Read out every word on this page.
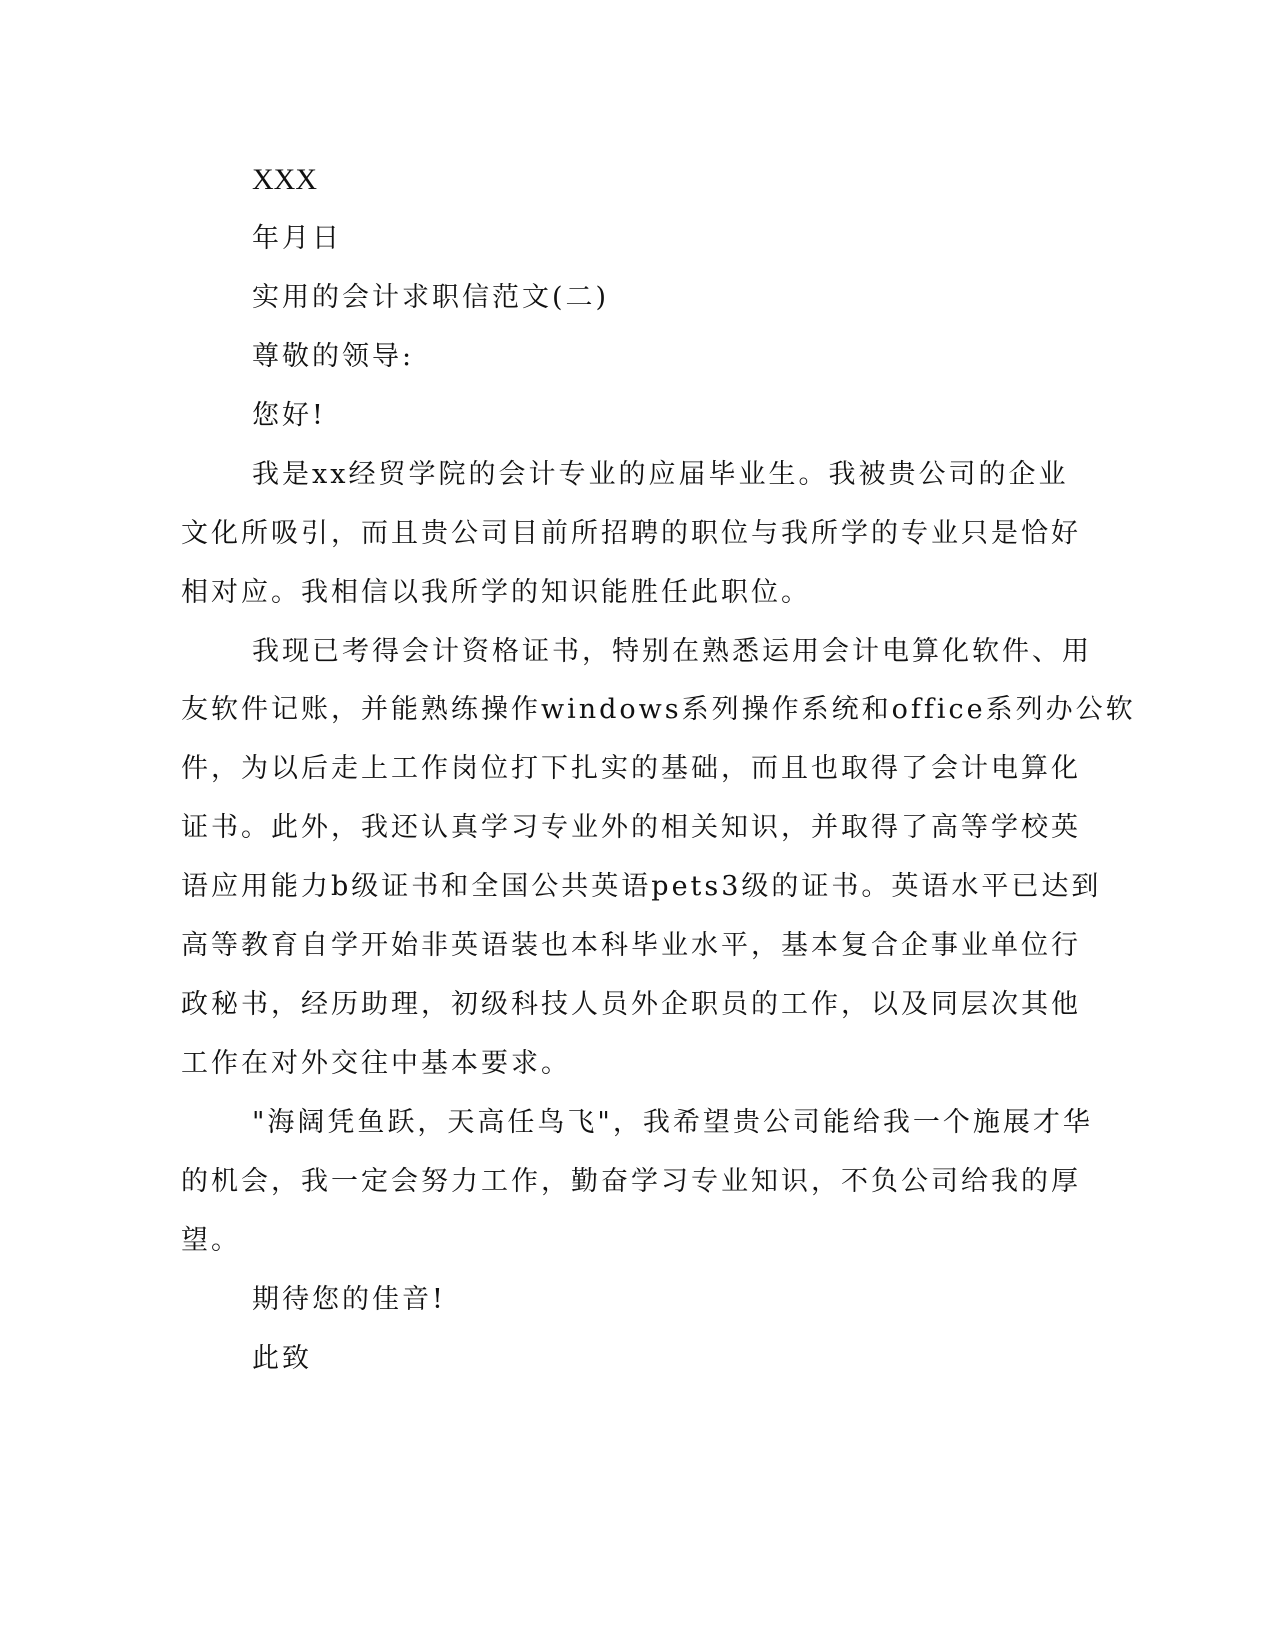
XXX
年月日
实用的会计求职信范文(二)
尊敬的领导:
您好!
我是xx经贸学院的会计专业的应届毕业生。我被贵公司的企业
文化所吸引，而且贵公司目前所招聘的职位与我所学的专业只是恰好
相对应。我相信以我所学的知识能胜任此职位。
我现已考得会计资格证书，特别在熟悉运用会计电算化软件、用
友软件记账，并能熟练操作windows系列操作系统和office系列办公软
件，为以后走上工作岗位打下扎实的基础，而且也取得了会计电算化
证书。此外，我还认真学习专业外的相关知识，并取得了高等学校英
语应用能力b级证书和全国公共英语pets3级的证书。英语水平已达到
高等教育自学开始非英语装也本科毕业水平，基本复合企事业单位行
政秘书，经历助理，初级科技人员外企职员的工作，以及同层次其他
工作在对外交往中基本要求。
"海阔凭鱼跃，天高任鸟飞"，我希望贵公司能给我一个施展才华
的机会，我一定会努力工作，勤奋学习专业知识，不负公司给我的厚
望。
期待您的佳音!
此致
